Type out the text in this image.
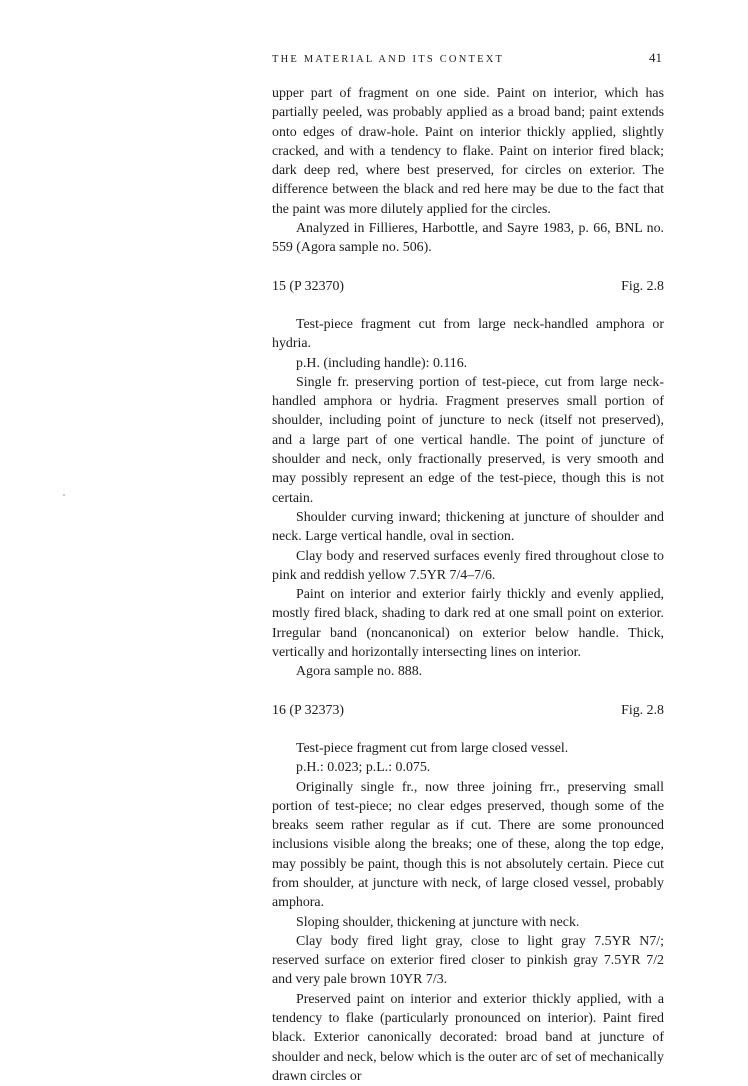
THE MATERIAL AND ITS CONTEXT	41

upper part of fragment on one side. Paint on interior, which has partially peeled, was probably applied as a broad band; paint extends onto edges of draw-hole. Paint on interior thickly applied, slightly cracked, and with a tendency to flake. Paint on interior fired black; dark deep red, where best preserved, for circles on exterior. The difference between the black and red here may be due to the fact that the paint was more dilutely applied for the circles.

Analyzed in Fillieres, Harbottle, and Sayre 1983, p. 66, BNL no. 559 (Agora sample no. 506).

15 (P 32370)	Fig. 2.8

Test-piece fragment cut from large neck-handled amphora or hydria.

p.H. (including handle): 0.116.

Single fr. preserving portion of test-piece, cut from large neck-handled amphora or hydria. Fragment preserves small portion of shoulder, including point of juncture to neck (itself not preserved), and a large part of one vertical handle. The point of juncture of shoulder and neck, only fractionally preserved, is very smooth and may possibly represent an edge of the test-piece, though this is not certain.

Shoulder curving inward; thickening at juncture of shoulder and neck. Large vertical handle, oval in section.

Clay body and reserved surfaces evenly fired throughout close to pink and reddish yellow 7.5YR 7/4–7/6.

Paint on interior and exterior fairly thickly and evenly applied, mostly fired black, shading to dark red at one small point on exterior. Irregular band (noncanonical) on exterior below handle. Thick, vertically and horizontally intersecting lines on interior.

Agora sample no. 888.

16 (P 32373)	Fig. 2.8

Test-piece fragment cut from large closed vessel.

p.H.: 0.023; p.L.: 0.075.

Originally single fr., now three joining frr., preserving small portion of test-piece; no clear edges preserved, though some of the breaks seem rather regular as if cut. There are some pronounced inclusions visible along the breaks; one of these, along the top edge, may possibly be paint, though this is not absolutely certain. Piece cut from shoulder, at juncture with neck, of large closed vessel, probably amphora.

Sloping shoulder, thickening at juncture with neck.

Clay body fired light gray, close to light gray 7.5YR N7/; reserved surface on exterior fired closer to pinkish gray 7.5YR 7/2 and very pale brown 10YR 7/3.

Preserved paint on interior and exterior thickly applied, with a tendency to flake (particularly pronounced on interior). Paint fired black. Exterior canonically decorated: broad band at juncture of shoulder and neck, below which is the outer arc of set of mechanically drawn circles or
